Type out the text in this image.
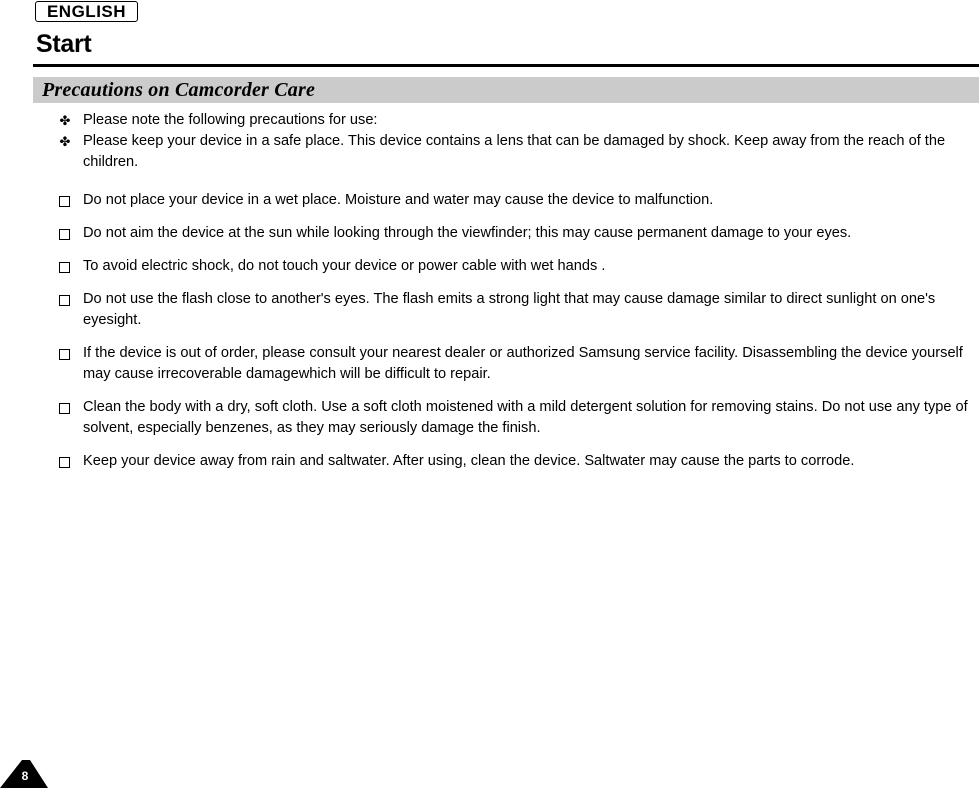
ENGLISH
Start
Precautions on Camcorder Care
✤ Please note the following precautions for use:
✤ Please keep your device in a safe place. This device contains a lens that can be damaged by shock. Keep away from the reach of the children.
Do not place your device in a wet place. Moisture and water may cause the device to malfunction.
Do not aim the device at the sun while looking through the viewfinder; this may cause permanent damage to your eyes.
To avoid electric shock, do not touch your device or power cable with wet hands .
Do not use the flash close to another's eyes. The flash emits a strong light that may cause damage similar to direct sunlight on one's eyesight.
If the device is out of order, please consult your nearest dealer or authorized Samsung service facility. Disassembling the device yourself may cause irrecoverable damagewhich will be difficult to repair.
Clean the body with a dry, soft cloth. Use a soft cloth moistened with a mild detergent solution for removing stains. Do not use any type of solvent, especially benzenes, as they may seriously damage the finish.
Keep your device away from rain and saltwater. After using, clean the device. Saltwater may cause the parts to corrode.
8
